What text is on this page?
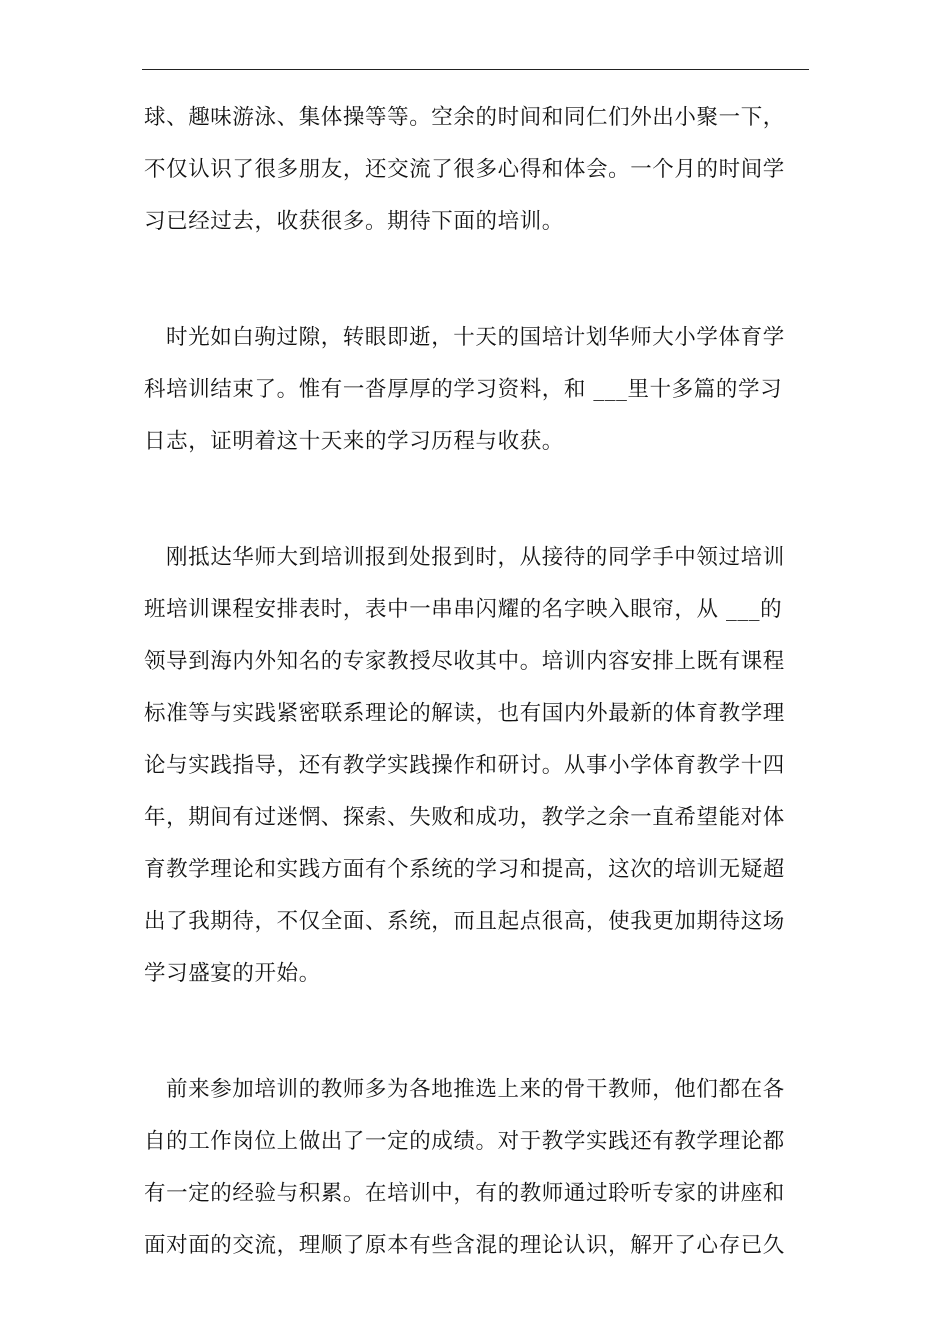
球、趣味游泳、集体操等等。空余的时间和同仁们外出小聚一下，
不仅认识了很多朋友，还交流了很多心得和体会。一个月的时间学
习已经过去，收获很多。期待下面的培训。
时光如白驹过隙，转眼即逝，十天的国培计划华师大小学体育学
科培训结束了。惟有一沓厚厚的学习资料，和 ___里十多篇的学习
日志，证明着这十天来的学习历程与收获。
刚抵达华师大到培训报到处报到时，从接待的同学手中领过培训
班培训课程安排表时，表中一串串闪耀的名字映入眼帘，从 ___的
领导到海内外知名的专家教授尽收其中。培训内容安排上既有课程
标准等与实践紧密联系理论的解读，也有国内外最新的体育教学理
论与实践指导，还有教学实践操作和研讨。从事小学体育教学十四
年，期间有过迷惘、探索、失败和成功，教学之余一直希望能对体
育教学理论和实践方面有个系统的学习和提高，这次的培训无疑超
出了我期待，不仅全面、系统，而且起点很高，使我更加期待这场
学习盛宴的开始。
前来参加培训的教师多为各地推选上来的骨干教师，他们都在各
自的工作岗位上做出了一定的成绩。对于教学实践还有教学理论都
有一定的经验与积累。在培训中，有的教师通过聆听专家的讲座和
面对面的交流，理顺了原本有些含混的理论认识，解开了心存已久
